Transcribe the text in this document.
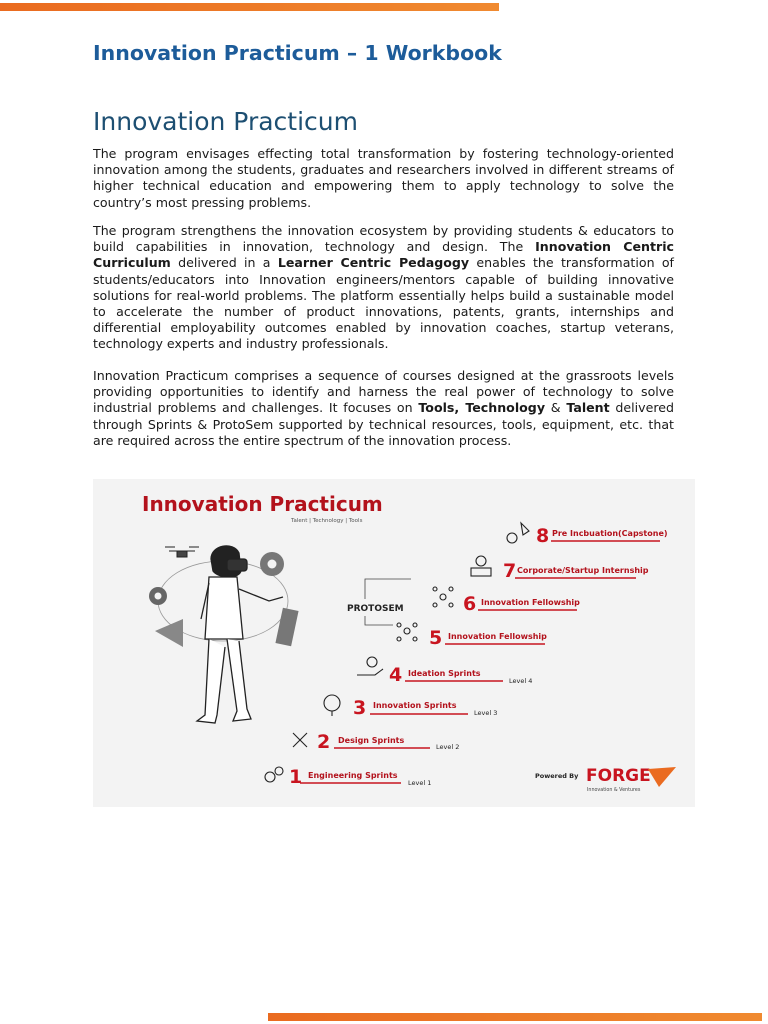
Innovation Practicum – 1 Workbook
Innovation Practicum

The program envisages effecting total transformation by fostering technology-oriented innovation among the students, graduates and researchers involved in different streams of higher technical education and empowering them to apply technology to solve the country’s most pressing problems.

The program strengthens the innovation ecosystem by providing students & educators to build capabilities in innovation, technology and design. The Innovation Centric Curriculum delivered in a Learner Centric Pedagogy enables the transformation of students/educators into Innovation engineers/mentors capable of building innovative solutions for real-world problems. The platform essentially helps build a sustainable model to accelerate the number of product innovations, patents, grants, internships and differential employability outcomes enabled by innovation coaches, startup veterans, technology experts and industry professionals.

Innovation Practicum comprises a sequence of courses designed at the grassroots levels providing opportunities to identify and harness the real power of technology to solve industrial problems and challenges. It focuses on Tools, Technology & Talent delivered through Sprints & ProtoSem supported by technical resources, tools, equipment, etc. that are required across the entire spectrum of the innovation process.

Innovation Practicum
Talent | Technology | Tools
PROTOSEM
8 Pre Incbuation(Capstone)
7 Corporate/Startup Internship
6 Innovation Fellowship
5 Innovation Fellowship
4 Ideation Sprints
Level 4
3 Innovation Sprints
Level 3
2 Design Sprints
Level 2
1 Engineering Sprints
Level 1
Powered By FORGE
Innovation & Ventures
